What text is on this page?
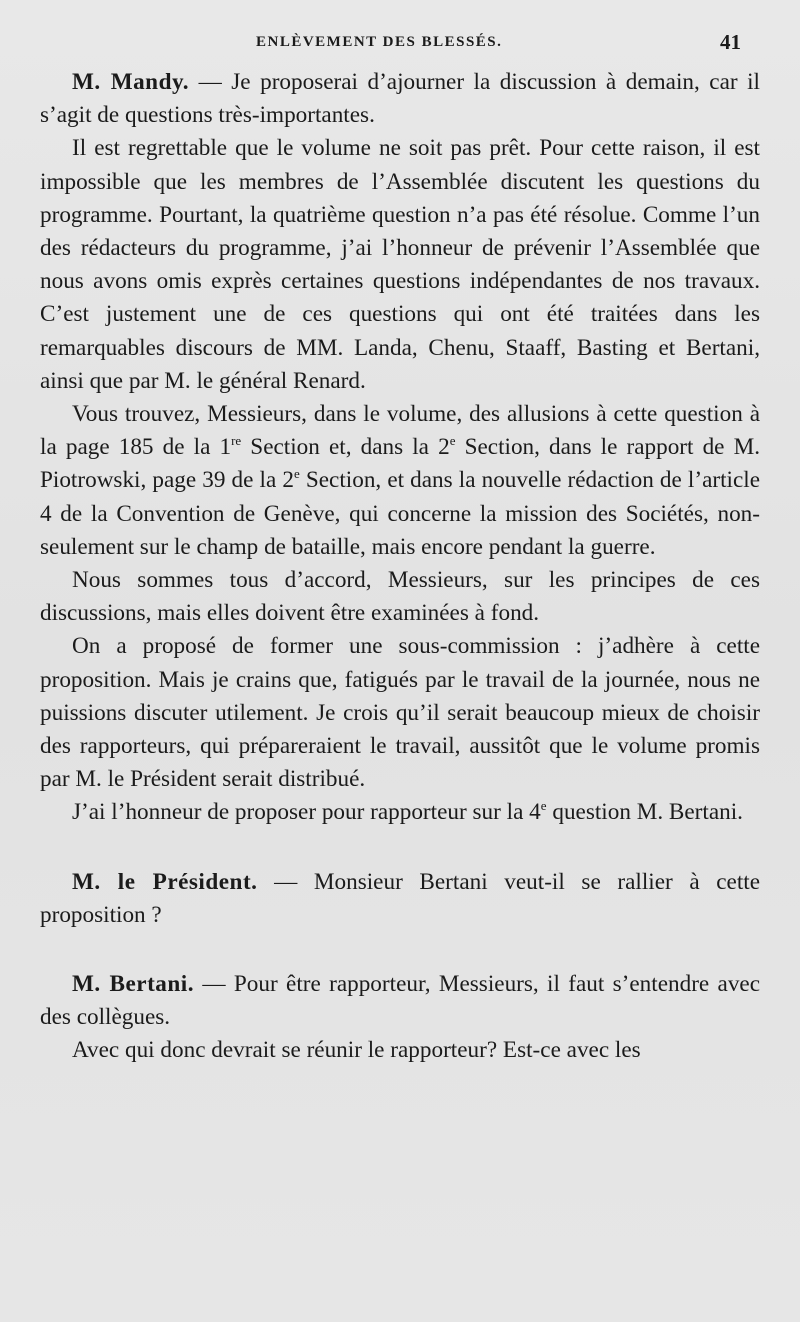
ENLÈVEMENT DES BLESSÉS.	41

M. Mandy. — Je proposerai d’ajourner la discussion à demain, car il s’agit de questions très-importantes.

Il est regrettable que le volume ne soit pas prêt. Pour cette raison, il est impossible que les membres de l’Assemblée discutent les questions du programme. Pourtant, la quatrième question n’a pas été résolue. Comme l’un des rédacteurs du programme, j’ai l’honneur de prévenir l’Assemblée que nous avons omis exprès certaines questions indépendantes de nos travaux. C’est justement une de ces questions qui ont été traitées dans les remarquables discours de MM. Landa, Chenu, Staaff, Basting et Bertani, ainsi que par M. le général Renard.

Vous trouvez, Messieurs, dans le volume, des allusions à cette question à la page 185 de la 1re Section et, dans la 2e Section, dans le rapport de M. Piotrowski, page 39 de la 2e Section, et dans la nouvelle rédaction de l’article 4 de la Convention de Genève, qui concerne la mission des Sociétés, non-seulement sur le champ de bataille, mais encore pendant la guerre.

Nous sommes tous d’accord, Messieurs, sur les principes de ces discussions, mais elles doivent être examinées à fond.

On a proposé de former une sous-commission : j’adhère à cette proposition. Mais je crains que, fatigués par le travail de la journée, nous ne puissions discuter utilement. Je crois qu’il serait beaucoup mieux de choisir des rapporteurs, qui prépareraient le travail, aussitôt que le volume promis par M. le Président serait distribué.

J’ai l’honneur de proposer pour rapporteur sur la 4e question M. Bertani.

M. le Président. — Monsieur Bertani veut-il se rallier à cette proposition ?

M. Bertani. — Pour être rapporteur, Messieurs, il faut s’entendre avec des collègues.

Avec qui donc devrait se réunir le rapporteur? Est-ce avec les
